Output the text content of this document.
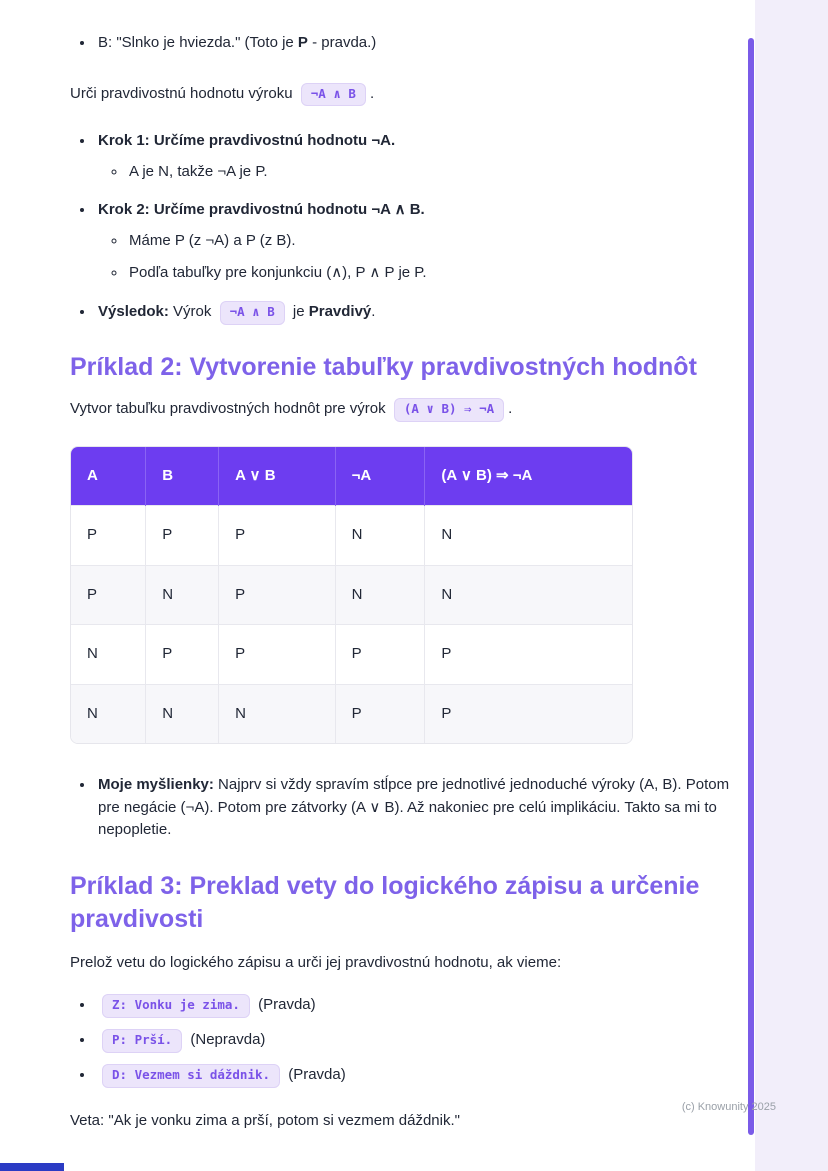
• B: "Slnko je hviezda." (Toto je P - pravda.)

Urči pravdivostnú hodnotu výroku ¬A ∧ B .

• Krok 1: Určíme pravdivostnú hodnotu ¬A.
◦ A je N, takže ¬A je P.
• Krok 2: Určíme pravdivostnú hodnotu ¬A ∧ B.
◦ Máme P (z ¬A) a P (z B).
◦ Podľa tabuľky pre konjunkciu (∧), P ∧ P je P.
• Výsledok: Výrok ¬A ∧ B je Pravdivý.
Príklad 2: Vytvorenie tabuľky pravdivostných hodnôt

Vytvor tabuľku pravdivostných hodnôt pre výrok (A ∨ B) ⇒ ¬A .

A	B	A ∨ B	¬A	(A ∨ B) ⇒ ¬A
P	P	P	N	N
P	N	P	N	N
N	P	P	P	P
N	N	N	P	P
• Moje myšlienky: Najprv si vždy spravím stĺpce pre jednotlivé jednoduché výroky (A, B). Potom pre negácie (¬A). Potom pre zátvorky (A ∨ B). Až nakoniec pre celú implikáciu. Takto sa mi to nepopletie.
Príklad 3: Preklad vety do logického zápisu a určenie pravdivosti

Prelož vetu do logického zápisu a urči jej pravdivostnú hodnotu, ak vieme:

• Z: Vonku je zima. (Pravda)
• P: Prší. (Nepravda)
• D: Vezmem si dáždnik. (Pravda)

Veta: "Ak je vonku zima a prší, potom si vezmem dáždnik."

(c) Knowunity 2025
